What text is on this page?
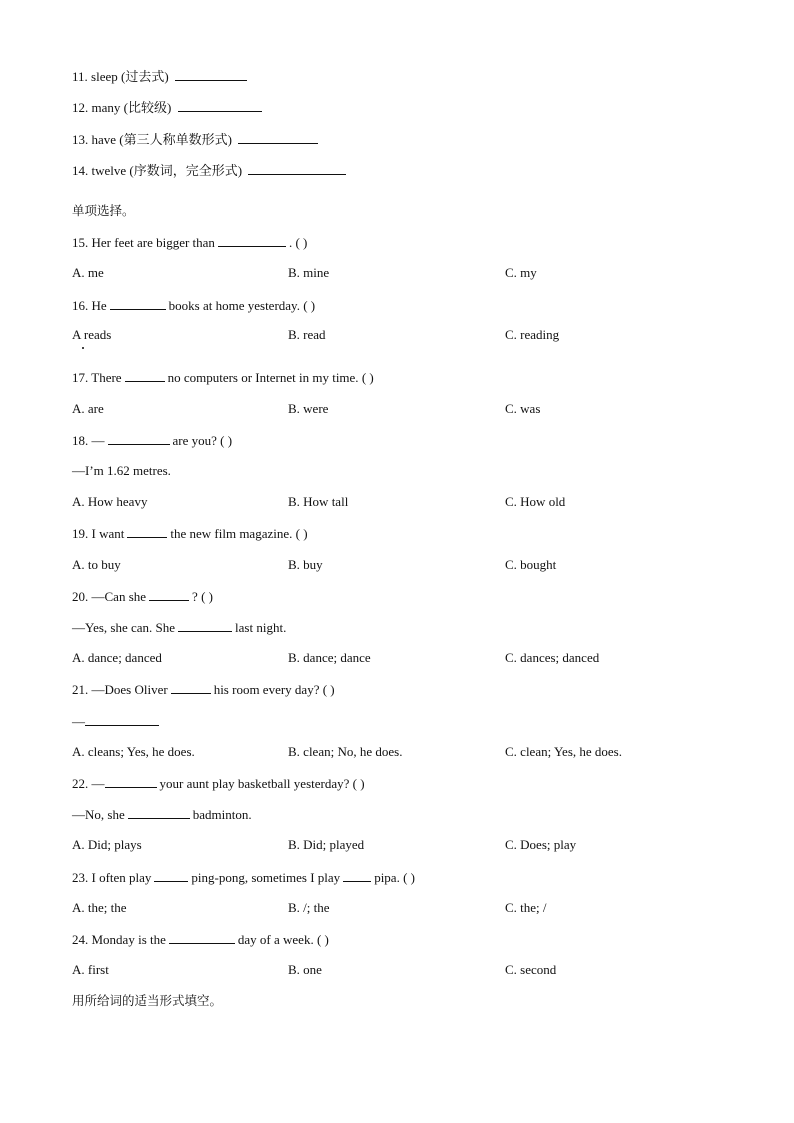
11. sleep (过去式)
12. many (比较级)
13. have (第三人称单数形式)
14. twelve (序数词，完全形式)
单项选择。
15. Her feet are bigger than	. ( )
A. me	B. mine	C. my
16. He	books at home yesterday. ( )
A reads	B. read	C. reading
17. There	no computers or Internet in my time. ( )
A. are	B. were	C. was
18. —	are you? ( )
—I’m 1.62 metres.
A. How heavy	B. How tall	C. How old
19. I want	the new film magazine. ( )
A. to buy	B. buy	C. bought
20. —Can she	? ( )
—Yes, she can. She	last night.
A. dance; danced	B. dance; dance	C. dances; danced
21. —Does Oliver	his room every day? ( )
—
A. cleans; Yes, he does.	B. clean; No, he does.	C. clean; Yes, he does.
22. —	your aunt play basketball yesterday? ( )
—No, she	badminton.
A. Did; plays	B. Did; played	C. Does; play
23. I often play	ping-pong, sometimes I play	pipa. ( )
A. the; the	B. /; the	C. the; /
24. Monday is the	day of a week. ( )
A. first	B. one	C. second
用所给词的适当形式填空。
